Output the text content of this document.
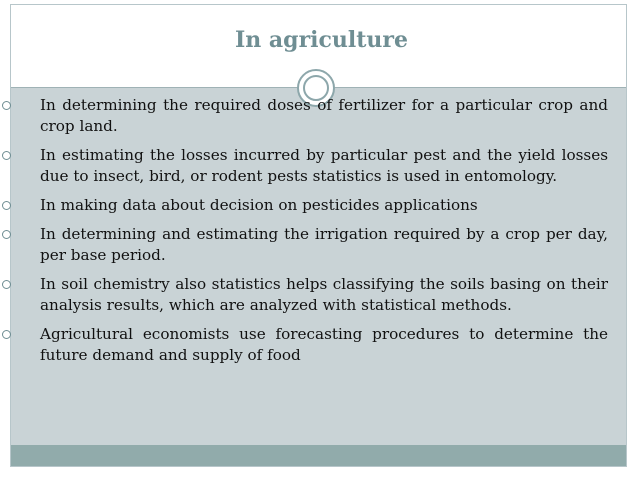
In agriculture
In determining the required doses of fertilizer for a particular crop and crop land.
In estimating the losses incurred by particular pest and the yield losses due to insect, bird, or rodent pests statistics is used in entomology.
In making data about decision on pesticides applications
In determining and estimating the irrigation required by a crop per day, per base period.
In soil chemistry also statistics helps classifying the soils basing on their analysis results, which are analyzed with statistical methods.
Agricultural economists use forecasting procedures to determine the future demand and supply of food
